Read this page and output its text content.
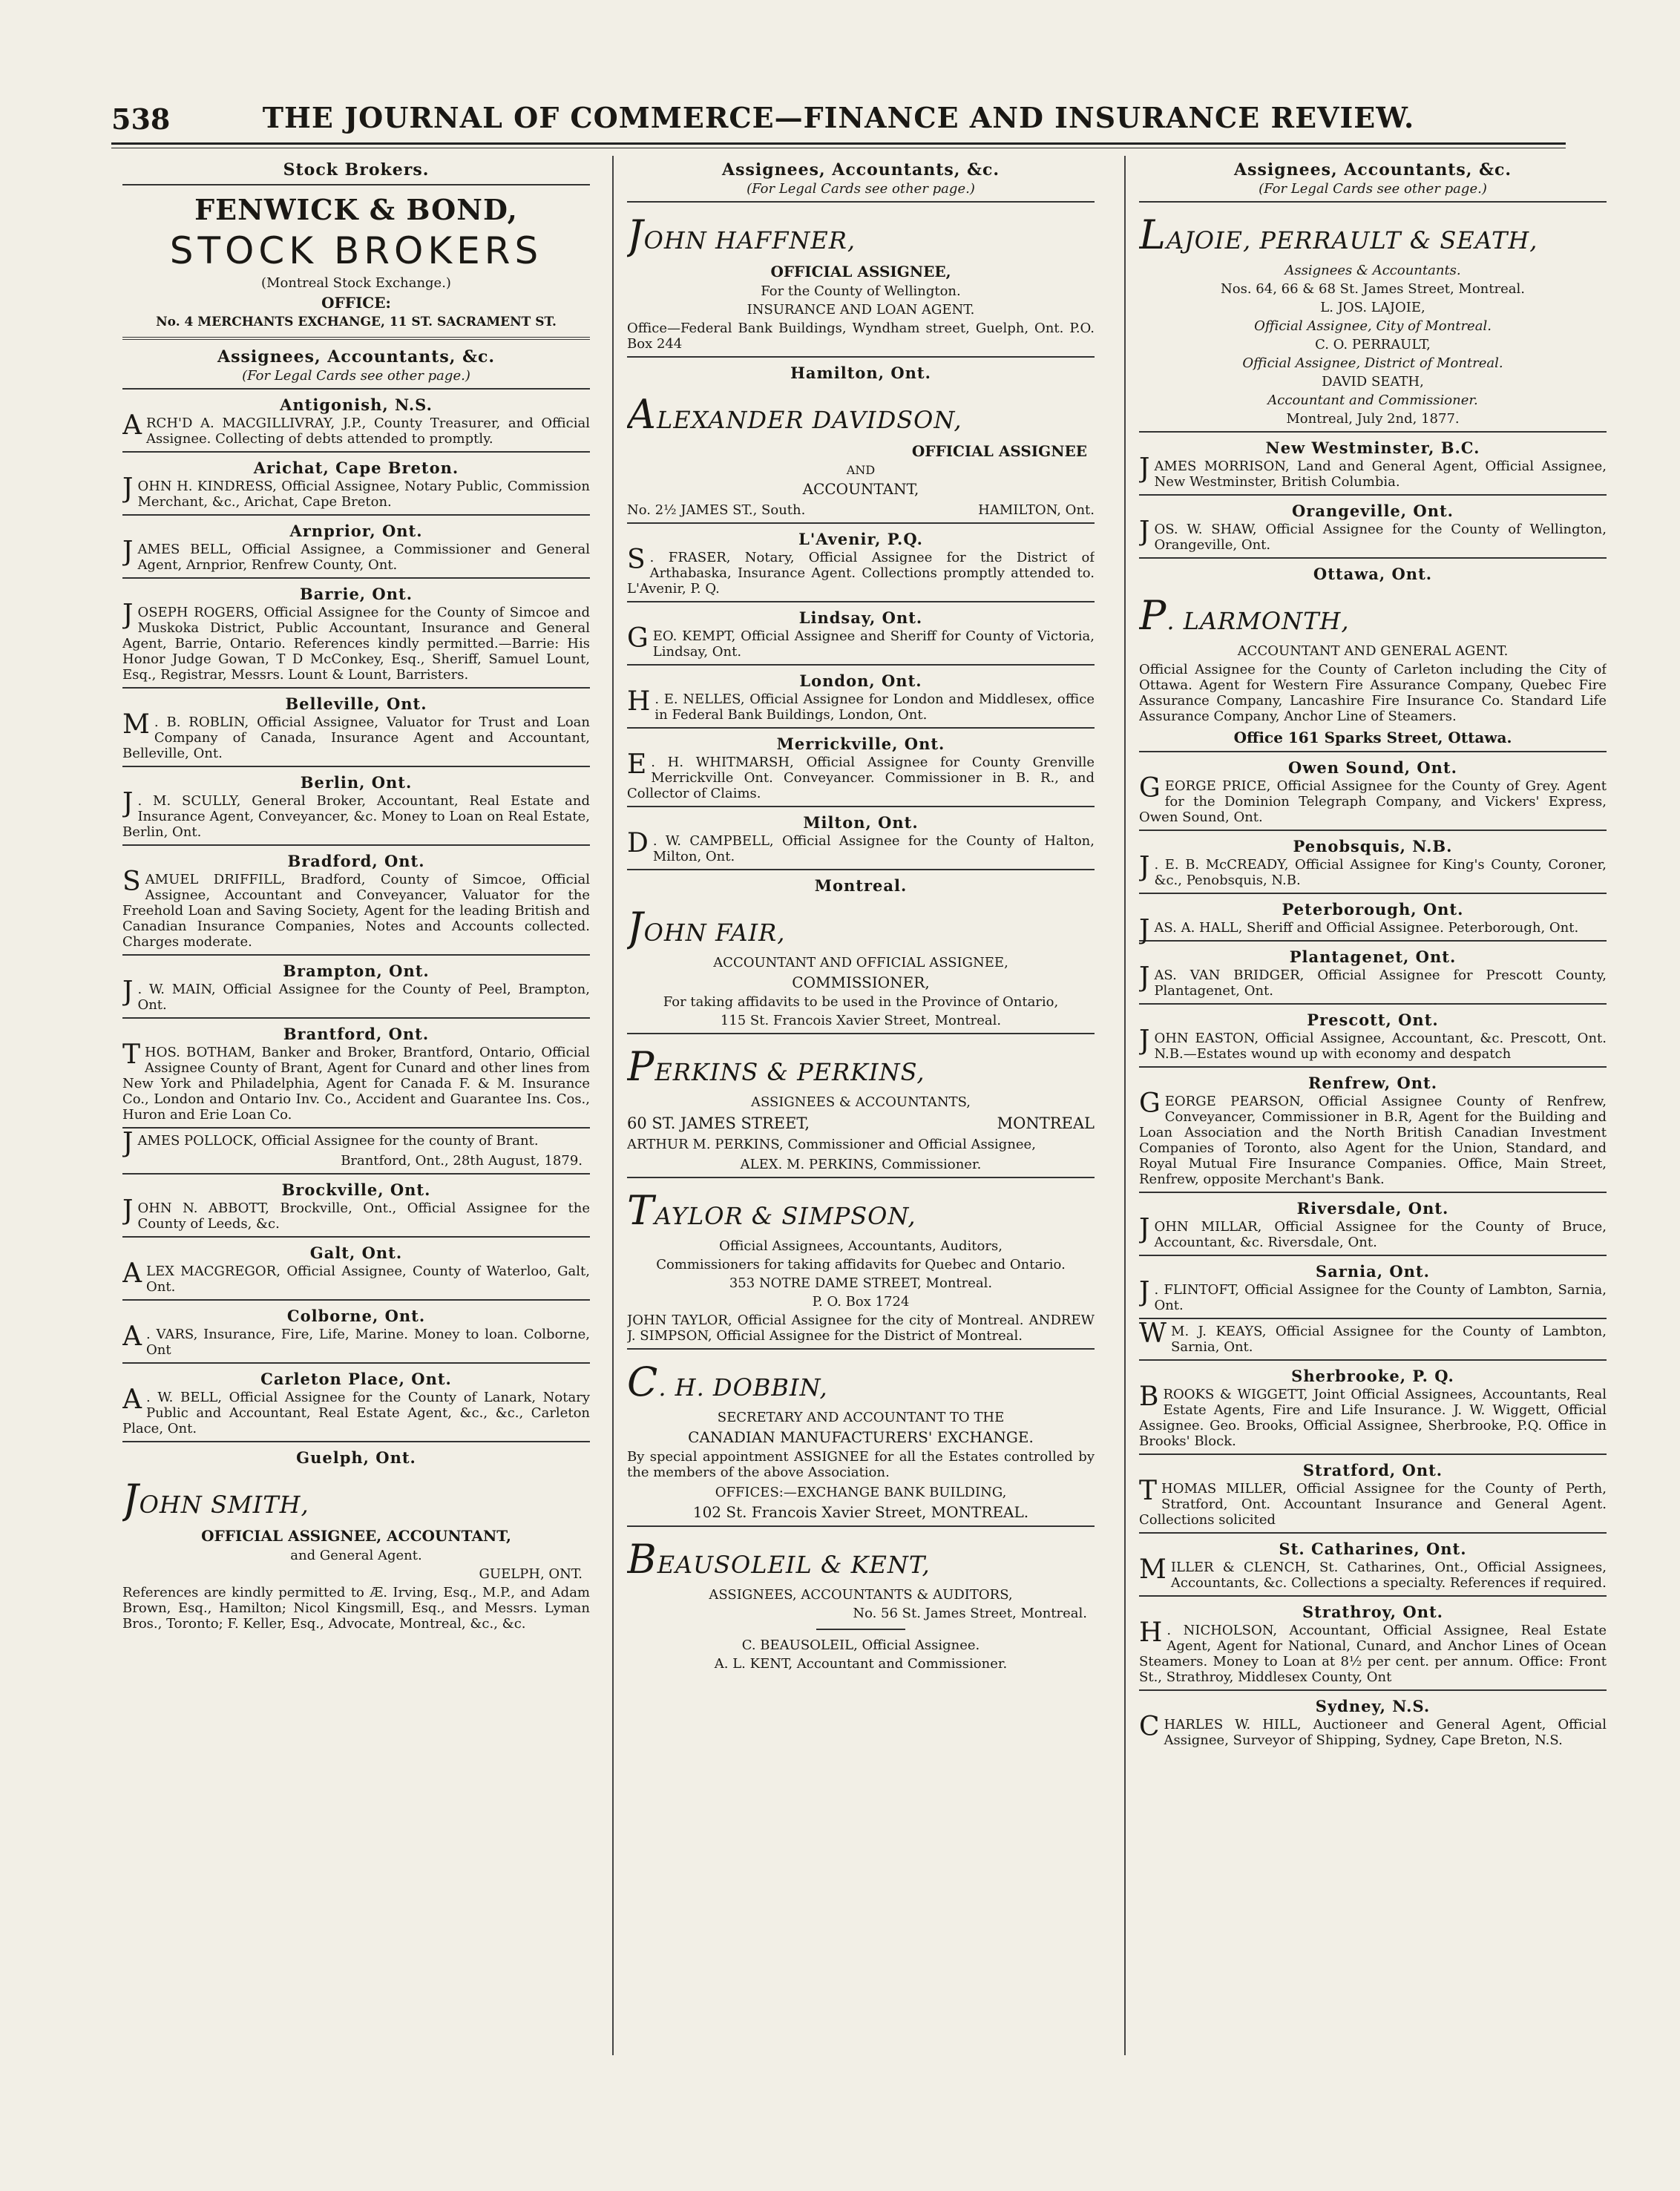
THE JOURNAL OF COMMERCE—FINANCE AND INSURANCE REVIEW.
538
Stock Brokers.
FENWICK & BOND,
STOCK BROKERS
(Montreal Stock Exchange.)
OFFICE:
No. 4 MERCHANTS EXCHANGE, 11 ST. SACRAMENT ST.
Assignees, Accountants, &c.
(For Legal Cards see other page.)
Antigonish, N.S.
ARCH'D A. MACGILLIVRAY, J.P., County Treasurer, and Official Assignee. Collecting of debts attended to promptly.
Arichat, Cape Breton.
JOHN H. KINDRESS, Official Assignee, Notary Public, Commission Merchant, &c., Arichat, Cape Breton.
Arnprior, Ont.
JAMES BELL, Official Assignee, a Commissioner and General Agent, Arnprior, Renfrew County, Ont.
Barrie, Ont.
JOSEPH ROGERS, Official Assignee for the County of Simcoe and Muskoka District, Public Accountant, Insurance and General Agent, Barrie, Ontario. References kindly permitted.—Barrie: His Honor Judge Gowan, T D McConkey, Esq., Sheriff, Samuel Lount, Esq., Registrar, Messrs. Lount & Lount, Barristers.
Belleville, Ont.
M . B. ROBLIN, Official Assignee, Valuator for Trust and Loan Company of Canada, Insurance Agent and Accountant, Belleville, Ont.
Berlin, Ont.
J . M. SCULLY, General Broker, Accountant, Real Estate and Insurance Agent, Conveyancer, &c. Money to Loan on Real Estate, Berlin, Ont.
Bradford, Ont.
SAMUEL DRIFFILL, Bradford, County of Simcoe, Official Assignee, Accountant and Conveyancer, Valuator for the Freehold Loan and Saving Society, Agent for the leading British and Canadian Insurance Companies, Notes and Accounts collected. Charges moderate.
Brampton, Ont.
J . W. MAIN, Official Assignee for the County of Peel, Brampton, Ont.
Brantford, Ont.
THOS. BOTHAM, Banker and Broker, Brantford, Ontario, Official Assignee County of Brant, Agent for Cunard and other lines from New York and Philadelphia, Agent for Canada F. & M. Insurance Co., London and Ontario Inv. Co., Accident and Guarantee Ins. Cos., Huron and Erie Loan Co.
JAMES POLLOCK, Official Assignee for the county of Brant.
Brantford, Ont., 28th August, 1879.
Brockville, Ont.
JOHN N. ABBOTT, Brockville, Ont., Official Assignee for the County of Leeds, &c.
Galt, Ont.
ALEX MACGREGOR, Official Assignee, County of Waterloo, Galt, Ont.
Colborne, Ont.
A . VARS, Insurance, Fire, Life, Marine. Money to loan. Colborne, Ont
Carleton Place, Ont.
A . W. BELL, Official Assignee for the County of Lanark, Notary Public and Accountant, Real Estate Agent, &c., &c., Carleton Place, Ont.
Guelph, Ont.
JOHN SMITH,
OFFICIAL ASSIGNEE, ACCOUNTANT,
and General Agent.
GUELPH, ONT.
References are kindly permitted to Æ. Irving, Esq., M.P., and Adam Brown, Esq., Hamilton; Nicol Kingsmill, Esq., and Messrs. Lyman Bros., Toronto; F. Keller, Esq., Advocate, Montreal, &c., &c.
Assignees, Accountants, &c.
(For Legal Cards see other page.)
JOHN HAFFNER,
OFFICIAL ASSIGNEE,
For the County of Wellington.
INSURANCE AND LOAN AGENT.
Office—Federal Bank Buildings, Wyndham street, Guelph, Ont. P.O. Box 244
Hamilton, Ont.
ALEXANDER DAVIDSON,
OFFICIAL ASSIGNEE
AND
ACCOUNTANT,
No. 2½ JAMES ST., South.	HAMILTON, Ont.
L'Avenir, P.Q.
S . FRASER, Notary, Official Assignee for the District of Arthabaska, Insurance Agent. Collections promptly attended to. L'Avenir, P. Q.
Lindsay, Ont.
GEO. KEMPT, Official Assignee and Sheriff for County of Victoria, Lindsay, Ont.
London, Ont.
H . E. NELLES, Official Assignee for London and Middlesex, office in Federal Bank Buildings, London, Ont.
Merrickville, Ont.
E . H. WHITMARSH, Official Assignee for County Grenville Merrickville Ont. Conveyancer. Commissioner in B. R., and Collector of Claims.
Milton, Ont.
D . W. CAMPBELL, Official Assignee for the County of Halton, Milton, Ont.
Montreal.
JOHN FAIR,
ACCOUNTANT AND OFFICIAL ASSIGNEE,
COMMISSIONER,
For taking affidavits to be used in the Province of Ontario,
115 St. Francois Xavier Street, Montreal.
PERKINS & PERKINS,
ASSIGNEES & ACCOUNTANTS,
60 ST. JAMES STREET,	MONTREAL
ARTHUR M. PERKINS, Commissioner and Official Assignee,
ALEX. M. PERKINS, Commissioner.
TAYLOR & SIMPSON,
Official Assignees, Accountants, Auditors,
Commissioners for taking affidavits for Quebec and Ontario.
353 NOTRE DAME STREET, Montreal.
P. O. Box 1724
JOHN TAYLOR, Official Assignee for the city of Montreal. ANDREW J. SIMPSON, Official Assignee for the District of Montreal.
C. H. DOBBIN,
SECRETARY AND ACCOUNTANT TO THE
CANADIAN MANUFACTURERS' EXCHANGE.
By special appointment ASSIGNEE for all the Estates controlled by the members of the above Association.
OFFICES:—EXCHANGE BANK BUILDING,
102 St. Francois Xavier Street, MONTREAL.
BEAUSOLEIL & KENT,
ASSIGNEES, ACCOUNTANTS & AUDITORS,
No. 56 St. James Street, Montreal.
C. BEAUSOLEIL, Official Assignee.
A. L. KENT, Accountant and Commissioner.
Assignees, Accountants, &c.
(For Legal Cards see other page.)
LAJOIE, PERRAULT & SEATH,
Assignees & Accountants.
Nos. 64, 66 & 68 St. James Street, Montreal.
L. JOS. LAJOIE,
Official Assignee, City of Montreal.
C. O. PERRAULT,
Official Assignee, District of Montreal.
DAVID SEATH,
Accountant and Commissioner.
Montreal, July 2nd, 1877.
New Westminster, B.C.
JAMES MORRISON, Land and General Agent, Official Assignee, New Westminster, British Columbia.
Orangeville, Ont.
JOS. W. SHAW, Official Assignee for the County of Wellington, Orangeville, Ont.
Ottawa, Ont.
P. LARMONTH,
ACCOUNTANT AND GENERAL AGENT.
Official Assignee for the County of Carleton including the City of Ottawa. Agent for Western Fire Assurance Company, Quebec Fire Assurance Company, Lancashire Fire Insurance Co. Standard Life Assurance Company, Anchor Line of Steamers.
Office 161 Sparks Street, Ottawa.
Owen Sound, Ont.
GEORGE PRICE, Official Assignee for the County of Grey. Agent for the Dominion Telegraph Company, and Vickers' Express, Owen Sound, Ont.
Penobsquis, N.B.
J . E. B. McCREADY, Official Assignee for King's County, Coroner, &c., Penobsquis, N.B.
Peterborough, Ont.
JAS. A. HALL, Sheriff and Official Assignee. Peterborough, Ont.
Plantagenet, Ont.
JAS. VAN BRIDGER, Official Assignee for Prescott County, Plantagenet, Ont.
Prescott, Ont.
JOHN EASTON, Official Assignee, Accountant, &c. Prescott, Ont. N.B.—Estates wound up with economy and despatch
Renfrew, Ont.
GEORGE PEARSON, Official Assignee County of Renfrew, Conveyancer, Commissioner in B.R, Agent for the Building and Loan Association and the North British Canadian Investment Companies of Toronto, also Agent for the Union, Standard, and Royal Mutual Fire Insurance Companies. Office, Main Street, Renfrew, opposite Merchant's Bank.
Riversdale, Ont.
JOHN MILLAR, Official Assignee for the County of Bruce, Accountant, &c. Riversdale, Ont.
Sarnia, Ont.
J . FLINTOFT, Official Assignee for the County of Lambton, Sarnia, Ont.
W M. J. KEAYS, Official Assignee for the County of Lambton, Sarnia, Ont.
Sherbrooke, P. Q.
BROOKS & WIGGETT, Joint Official Assignees, Accountants, Real Estate Agents, Fire and Life Insurance. J. W. Wiggett, Official Assignee. Geo. Brooks, Official Assignee, Sherbrooke, P.Q. Office in Brooks' Block.
Stratford, Ont.
THOMAS MILLER, Official Assignee for the County of Perth, Stratford, Ont. Accountant Insurance and General Agent. Collections solicited
St. Catharines, Ont.
MILLER & CLENCH, St. Catharines, Ont., Official Assignees, Accountants, &c. Collections a specialty. References if required.
Strathroy, Ont.
H . NICHOLSON, Accountant, Official Assignee, Real Estate Agent, Agent for National, Cunard, and Anchor Lines of Ocean Steamers. Money to Loan at 8½ per cent. per annum. Office: Front St., Strathroy, Middlesex County, Ont
Sydney, N.S.
CHARLES W. HILL, Auctioneer and General Agent, Official Assignee, Surveyor of Shipping, Sydney, Cape Breton, N.S.
